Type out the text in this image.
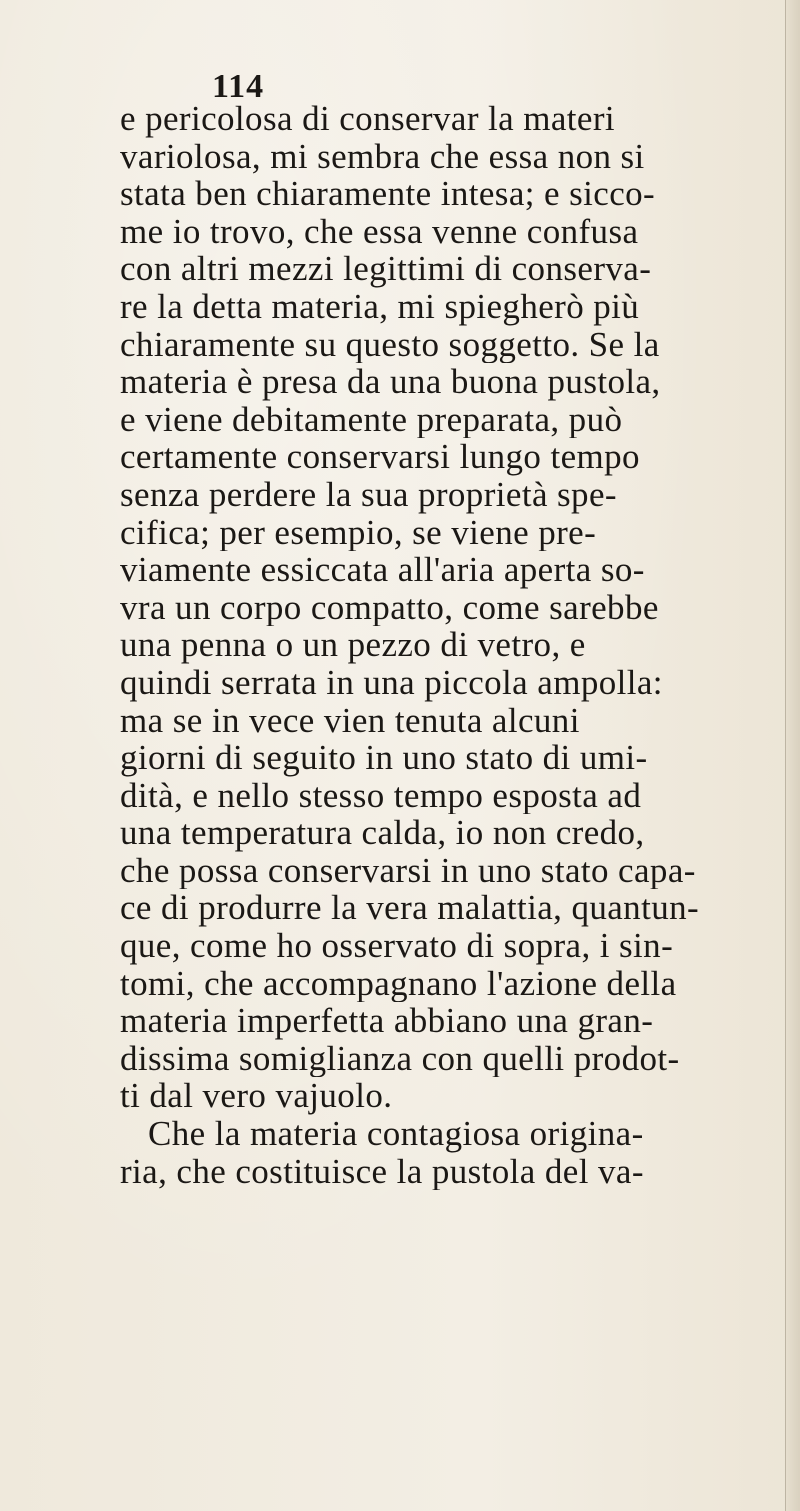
114
e pericolosa di conservar la materi
variolosa, mi sembra che essa non si
stata ben chiaramente intesa; e sicco-
me io trovo, che essa venne confusa
con altri mezzi legittimi di conserva-
re la detta materia, mi spiegherò più
chiaramente su questo soggetto. Se la
materia è presa da una buona pustola,
e viene debitamente preparata, può
certamente conservarsi lungo tempo
senza perdere la sua proprietà spe-
cifica; per esempio, se viene pre-
viamente essiccata all'aria aperta so-
vra un corpo compatto, come sarebbe
una penna o un pezzo di vetro, e
quindi serrata in una piccola ampolla:
ma se in vece vien tenuta alcuni
giorni di seguito in uno stato di umi-
dità, e nello stesso tempo esposta ad
una temperatura calda, io non credo,
che possa conservarsi in uno stato capa-
ce di produrre la vera malattia, quantun-
que, come ho osservato di sopra, i sin-
tomi, che accompagnano l'azione della
materia imperfetta abbiano una gran-
dissima somiglianza con quelli prodot-
ti dal vero vajuolo.
Che la materia contagiosa origina-
ria, che costituisce la pustola del va-
